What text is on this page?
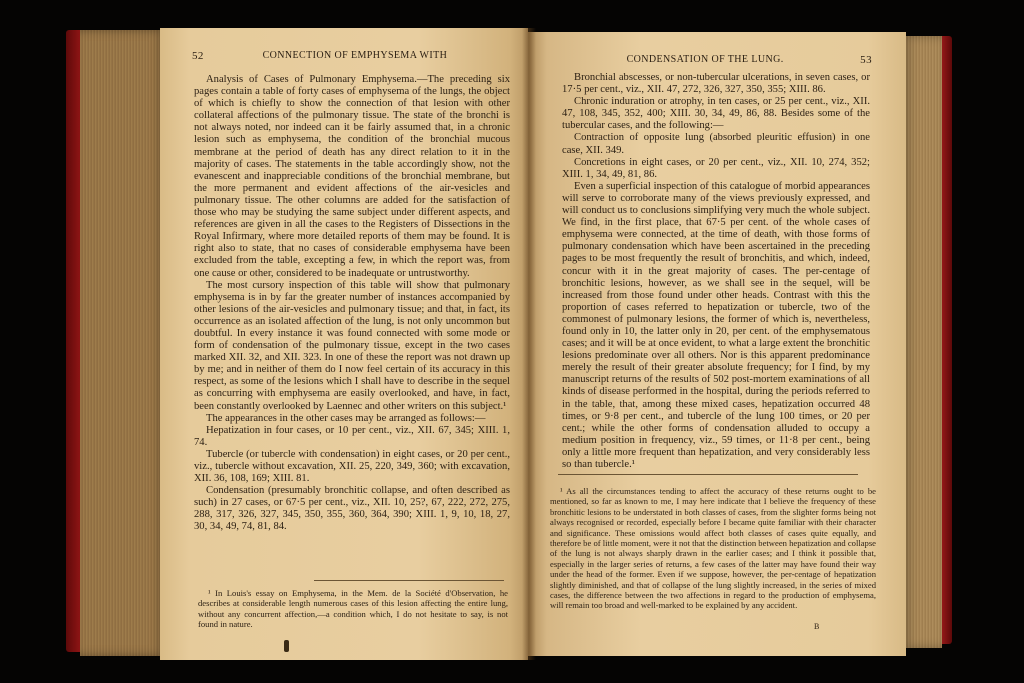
52	CONNECTION OF EMPHYSEMA WITH

Analysis of Cases of Pulmonary Emphysema.—The preceding six pages contain a table of forty cases of emphysema of the lungs, the object of which is chiefly to show the connection of that lesion with other collateral affections of the pulmonary tissue. The state of the bronchi is not always noted, nor indeed can it be fairly assumed that, in a chronic lesion such as emphysema, the condition of the bronchial mucous membrane at the period of death has any direct relation to it in the majority of cases. The statements in the table accordingly show, not the evanescent and inappreciable conditions of the bronchial membrane, but the more permanent and evident affections of the air-vesicles and pulmonary tissue. The other columns are added for the satisfaction of those who may be studying the same subject under different aspects, and references are given in all the cases to the Registers of Dissections in the Royal Infirmary, where more detailed reports of them may be found. It is right also to state, that no cases of considerable emphysema have been excluded from the table, excepting a few, in which the report was, from one cause or other, considered to be inadequate or untrustworthy.

The most cursory inspection of this table will show that pulmonary emphysema is in by far the greater number of instances accompanied by other lesions of the air-vesicles and pulmonary tissue; and that, in fact, its occurrence as an isolated affection of the lung, is not only uncommon but doubtful. In every instance it was found connected with some mode or form of condensation of the pulmonary tissue, except in the two cases marked XII. 32, and XII. 323. In one of these the report was not drawn up by me; and in neither of them do I now feel certain of its accuracy in this respect, as some of the lesions which I shall have to describe in the sequel as concurring with emphysema are easily overlooked, and have, in fact, been constantly overlooked by Laennec and other writers on this subject.¹

The appearances in the other cases may be arranged as follows:—

Hepatization in four cases, or 10 per cent., viz., XII. 67, 345; XIII. 1, 74.

Tubercle (or tubercle with condensation) in eight cases, or 20 per cent., viz., tubercle without excavation, XII. 25, 220, 349, 360; with excavation, XII. 36, 108, 169; XIII. 81.

Condensation (presumably bronchitic collapse, and often described as such) in 27 cases, or 67·5 per cent., viz., XII. 10, 25?, 67, 222, 272, 275, 288, 317, 326, 327, 345, 350, 355, 360, 364, 390; XIII. 1, 9, 10, 18, 27, 30, 34, 49, 74, 81, 84.

¹ In Louis's essay on Emphysema, in the Mem. de la Société d'Observation, he describes at considerable length numerous cases of this lesion affecting the entire lung, without any concurrent affection,—a condition which, I do not hesitate to say, is not found in nature.

CONDENSATION OF THE LUNG.	53

Bronchial abscesses, or non-tubercular ulcerations, in seven cases, or 17·5 per cent., viz., XII. 47, 272, 326, 327, 350, 355; XIII. 86.

Chronic induration or atrophy, in ten cases, or 25 per cent., viz., XII. 47, 108, 345, 352, 400; XIII. 30, 34, 49, 86, 88. Besides some of the tubercular cases, and the following:—

Contraction of opposite lung (absorbed pleuritic effusion) in one case, XII. 349.

Concretions in eight cases, or 20 per cent., viz., XII. 10, 274, 352; XIII. 1, 34, 49, 81, 86.

Even a superficial inspection of this catalogue of morbid appearances will serve to corroborate many of the views previously expressed, and will conduct us to conclusions simplifying very much the whole subject. We find, in the first place, that 67·5 per cent. of the whole cases of emphysema were connected, at the time of death, with those forms of pulmonary condensation which have been ascertained in the preceding pages to be most frequently the result of bronchitis, and which, indeed, concur with it in the great majority of cases. The per-centage of bronchitic lesions, however, as we shall see in the sequel, will be increased from those found under other heads. Contrast with this the proportion of cases referred to hepatization or tubercle, two of the commonest of pulmonary lesions, the former of which is, nevertheless, found only in 10, the latter only in 20, per cent. of the emphysematous cases; and it will be at once evident, to what a large extent the bronchitic lesions predominate over all others. Nor is this apparent predominance merely the result of their greater absolute frequency; for I find, by my manuscript returns of the results of 502 post-mortem examinations of all kinds of disease performed in the hospital, during the periods referred to in the table, that, among these mixed cases, hepatization occurred 48 times, or 9·8 per cent., and tubercle of the lung 100 times, or 20 per cent.; while the other forms of condensation alluded to occupy a medium position in frequency, viz., 59 times, or 11·8 per cent., being only a little more frequent than hepatization, and very considerably less so than tubercle.¹

¹ As all the circumstances tending to affect the accuracy of these returns ought to be mentioned, so far as known to me, I may here indicate that I believe the frequency of these bronchitic lesions to be understated in both classes of cases, from the slighter forms being not always recognised or recorded, especially before I became quite familiar with their character and significance. These omissions would affect both classes of cases quite equally, and therefore be of little moment, were it not that the distinction between hepatization and collapse of the lung is not always sharply drawn in the earlier cases; and I think it possible that, especially in the larger series of returns, a few cases of the latter may have found their way under the head of the former. Even if we suppose, however, the per-centage of hepatization slightly diminished, and that of collapse of the lung slightly increased, in the series of mixed cases, the difference between the two affections in regard to the production of emphysema, will remain too broad and well-marked to be explained by any accident.

B
